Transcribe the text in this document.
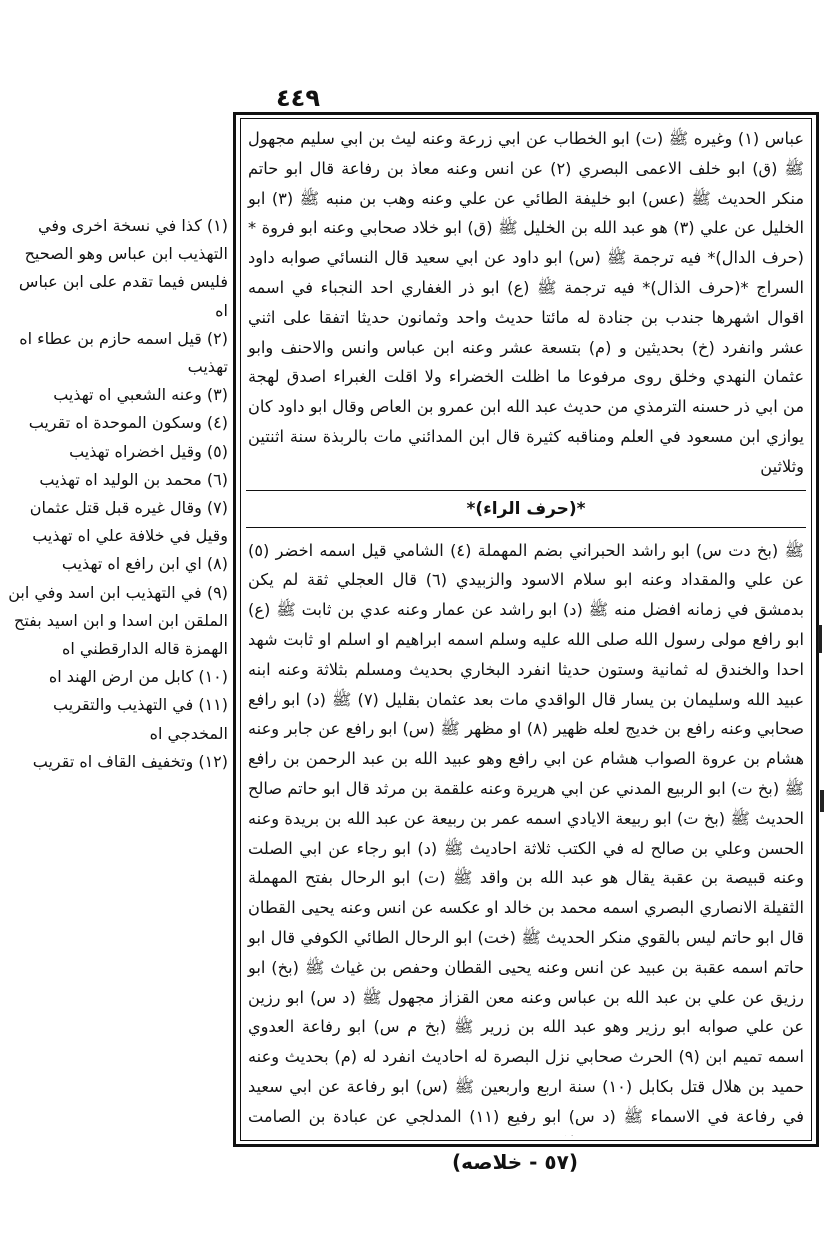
٤٤٩

عباس (١) وغيره ﷺ (ت) ابو الخطاب عن ابي زرعة وعنه ليث بن ابي سليم مجهول ﷺ (ق) ابو خلف الاعمى البصري (٢) عن انس وعنه معاذ بن رفاعة قال ابو حاتم منكر الحديث ﷺ (عس) ابو خليفة الطائي عن علي وعنه وهب بن منبه ﷺ (٣) ابو الخليل عن علي (٣) هو عبد الله بن الخليل ﷺ (ق) ابو خلاد صحابي وعنه ابو فروة *(حرف الدال)* فيه ترجمة ﷺ (س) ابو داود عن ابي سعيد قال النسائي صوابه داود السراج *(حرف الذال)* فيه ترجمة ﷺ (ع) ابو ذر الغفاري احد النجباء في اسمه اقوال اشهرها جندب بن جنادة له مائتا حديث واحد وثمانون حديثا اتفقا على اثني عشر وانفرد (خ) بحديثين و (م) بتسعة عشر وعنه ابن عباس وانس والاحنف وابو عثمان النهدي وخلق روى مرفوعا ما اظلت الخضراء ولا اقلت الغبراء اصدق لهجة من ابي ذر حسنه الترمذي من حديث عبد الله ابن عمرو بن العاص وقال ابو داود كان يوازي ابن مسعود في العلم ومناقبه كثيرة قال ابن المدائني مات بالربذة سنة اثنتين وثلاثين

*(حرف الراء)*

ﷺ (بخ دت س) ابو راشد الحبراني بضم المهملة (٤) الشامي قيل اسمه اخضر (٥) عن علي والمقداد وعنه ابو سلام الاسود والزبيدي (٦) قال العجلي ثقة لم يكن بدمشق في زمانه افضل منه ﷺ (د) ابو راشد عن عمار وعنه عدي بن ثابت ﷺ (ع) ابو رافع مولى رسول الله صلى الله عليه وسلم اسمه ابراهيم او اسلم او ثابت شهد احدا والخندق له ثمانية وستون حديثا انفرد البخاري بحديث ومسلم بثلاثة وعنه ابنه عبيد الله وسليمان بن يسار قال الواقدي مات بعد عثمان بقليل (٧) ﷺ (د) ابو رافع صحابي وعنه رافع بن خديج لعله ظهير (٨) او مظهر ﷺ (س) ابو رافع عن جابر وعنه هشام بن عروة الصواب هشام عن ابي رافع وهو عبيد الله بن عبد الرحمن بن رافع ﷺ (بخ ت) ابو الربيع المدني عن ابي هريرة وعنه علقمة بن مرثد قال ابو حاتم صالح الحديث ﷺ (بخ ت) ابو ربيعة الايادي اسمه عمر بن ربيعة عن عبد الله بن بريدة وعنه الحسن وعلي بن صالح له في الكتب ثلاثة احاديث ﷺ (د) ابو رجاء عن ابي الصلت وعنه قبيصة بن عقبة يقال هو عبد الله بن واقد ﷺ (ت) ابو الرحال بفتح المهملة الثقيلة الانصاري البصري اسمه محمد بن خالد او عكسه عن انس وعنه يحيى القطان قال ابو حاتم ليس بالقوي منكر الحديث ﷺ (خت) ابو الرحال الطائي الكوفي قال ابو حاتم اسمه عقبة بن عبيد عن انس وعنه يحيى القطان وحفص بن غياث ﷺ (بخ) ابو رزيق عن علي بن عبد الله بن عباس وعنه معن القزاز مجهول ﷺ (د س) ابو رزين عن علي صوابه ابو رزير وهو عبد الله بن زرير ﷺ (بخ م س) ابو رفاعة العدوي اسمه تميم ابن (٩) الحرث صحابي نزل البصرة له احاديث انفرد له (م) بحديث وعنه حميد بن هلال قتل بكابل (١٠) سنة اربع واربعين ﷺ (س) ابو رفاعة عن ابي سعيد في رفاعة في الاسماء ﷺ (د س) ابو رفيع (١١) المدلجي عن عبادة بن الصامت

(١) كذا في نسخة اخرى وفي التهذيب ابن عباس وهو الصحيح فليس فيما تقدم على ابن عباس اه

(٢) قيل اسمه حازم بن عطاء اه تهذيب

(٣) وعنه الشعبي اه تهذيب

(٤) وسكون الموحدة اه تقريب

(٥) وقيل اخضراه تهذيب

(٦) محمد بن الوليد اه تهذيب

(٧) وقال غيره قبل قتل عثمان وقيل في خلافة علي اه تهذيب

(٨) اي ابن رافع اه تهذيب

(٩) في التهذيب ابن اسد وفي ابن الملقن ابن اسدا و ابن اسيد بفتح الهمزة قاله الدارقطني اه

(١٠) كابل من ارض الهند اه

(١١) في التهذيب والتقريب المخدجي اه

(١٢) وتخفيف القاف اه تقريب

(٥٧ - خلاصه)
